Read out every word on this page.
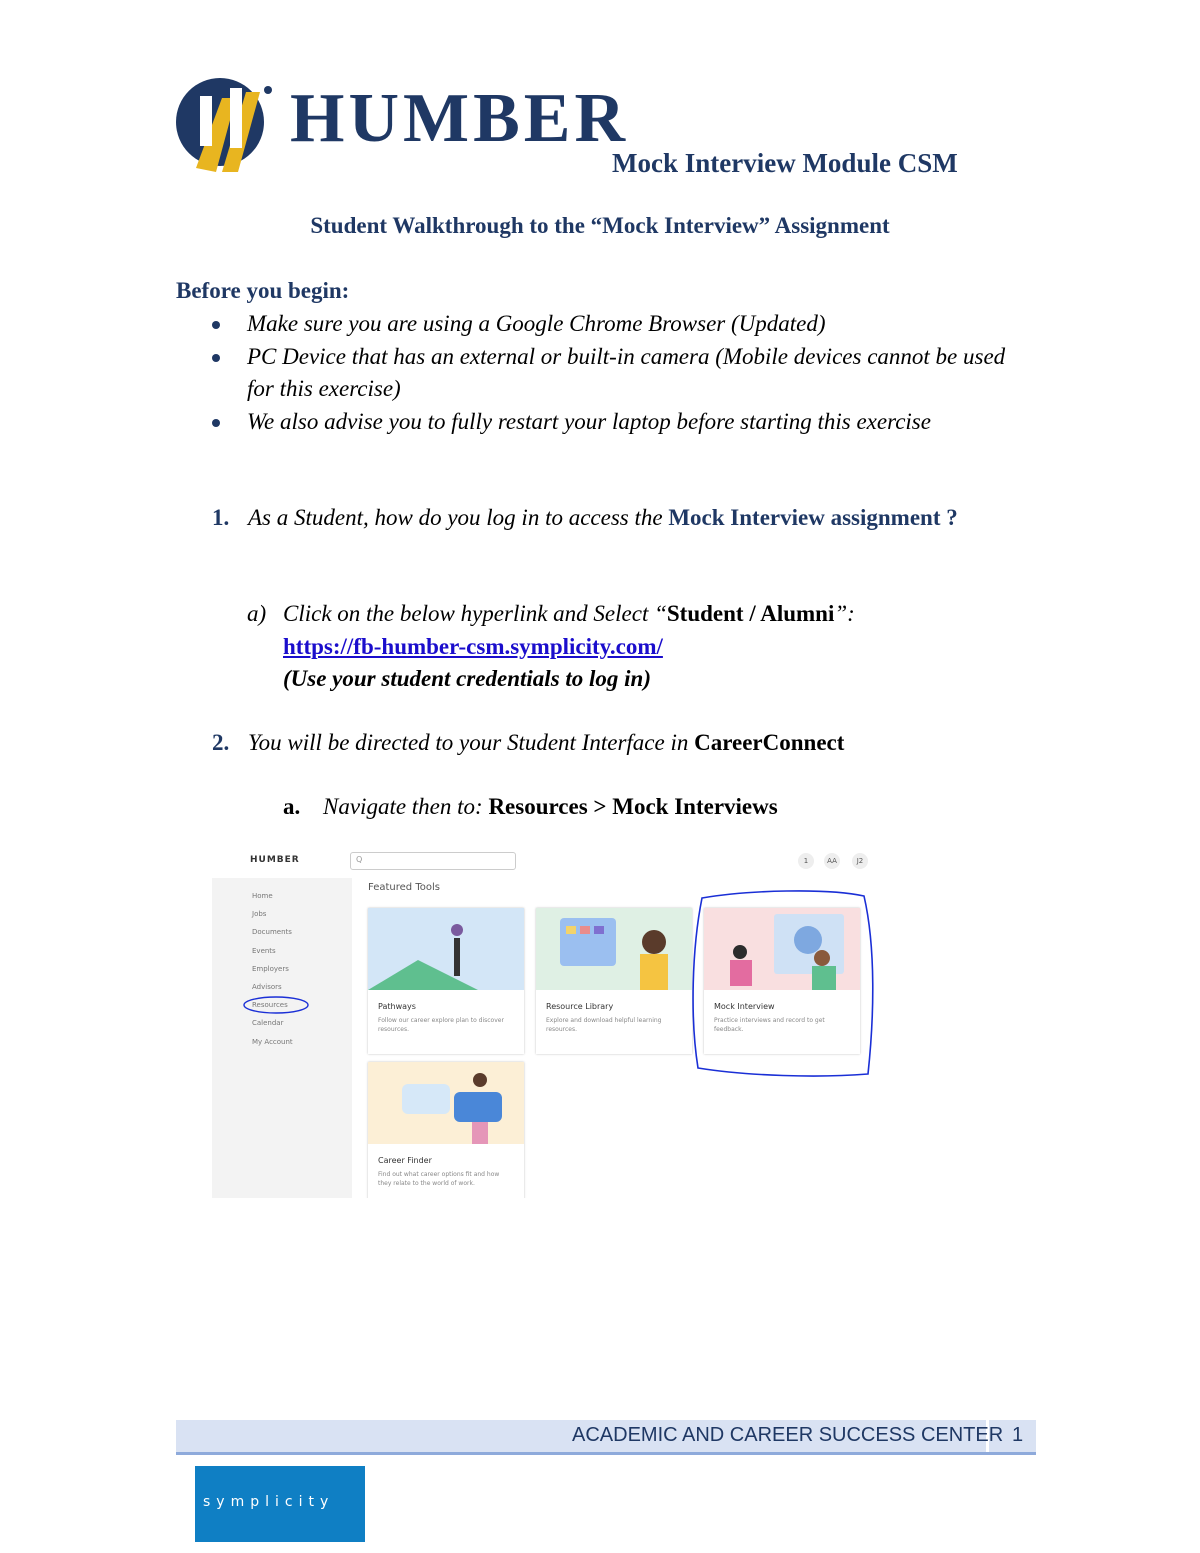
HUMBER
Mock Interview Module CSM
Student Walkthrough to the “Mock Interview” Assignment
Before you begin:
Make sure you are using a Google Chrome Browser (Updated)
PC Device that has an external or built-in camera (Mobile devices cannot be used for this exercise)
We also advise you to fully restart your laptop before starting this exercise
1. As a Student, how do you log in to access the Mock Interview assignment ?
a) Click on the below hyperlink and Select “Student / Alumni”:
https://fb-humber-csm.symplicity.com/
(Use your student credentials to log in)
2. You will be directed to your Student Interface in CareerConnect
a. Navigate then to: Resources > Mock Interviews
HUMBER	Q	1	AA	J2
Home
Jobs
Documents
Events
Employers
Advisors
Resources
Calendar
My Account
Featured Tools
Pathways
Follow our career explore plan to discover resources.
Resource Library
Explore and download helpful learning resources.
Mock Interview
Practice interviews and record to get feedback.
Career Finder
Find out what career options fit and how they relate to the world of work.
ACADEMIC AND CAREER SUCCESS CENTER 1
symplicity
